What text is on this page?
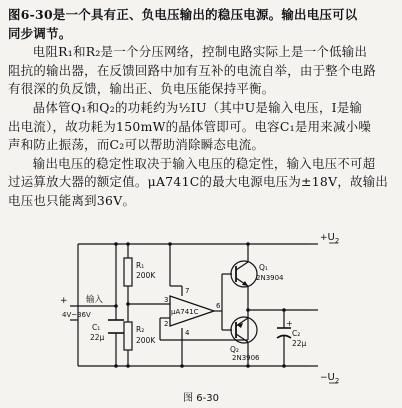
图6-30是一个具有正、负电压输出的稳压电源。输出电压可以
同步调节。

电阻R₁和R₂是一个分压网络，控制电路实际上是一个低输出
阻抗的输出器，在反馈回路中加有互补的电流自举，由于整个电路
有很深的负反馈，输出正、负电压能保持平衡。

晶体管Q₁和Q₂的功耗约为½IU（其中U是输入电压，I是输
出电流），故功耗为150mW的晶体管即可。电容C₁是用来减小噪
声和防止振荡，而C₂可以帮助消除瞬态电流。

输出电压的稳定性取决于输入电压的稳定性，输入电压不可超
过运算放大器的额定值。μA741C的最大电源电压为±18V，故输出
电压也只能离到36V。

+
$+U_2$
$-U_2$
输入
4V~36V
+
R₁
200K
R₂
200K
C₁
22μ	C₂
22μ
μA741C
3
2
7
4
6
Q₁
2N3904
Q₂
2N3906
图 6-30
